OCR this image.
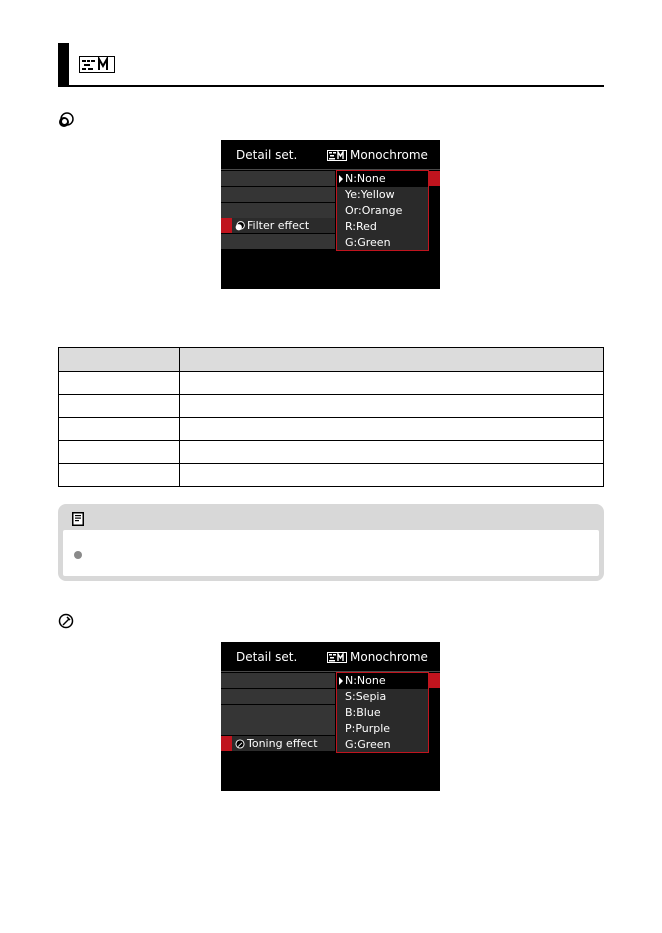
Detail set.	Monochrome
Filter effect
N:None
Ye:Yellow
Or:Orange
R:Red
G:Green

Detail set.	Monochrome
Toning effect
N:None
S:Sepia
B:Blue
P:Purple
G:Green
